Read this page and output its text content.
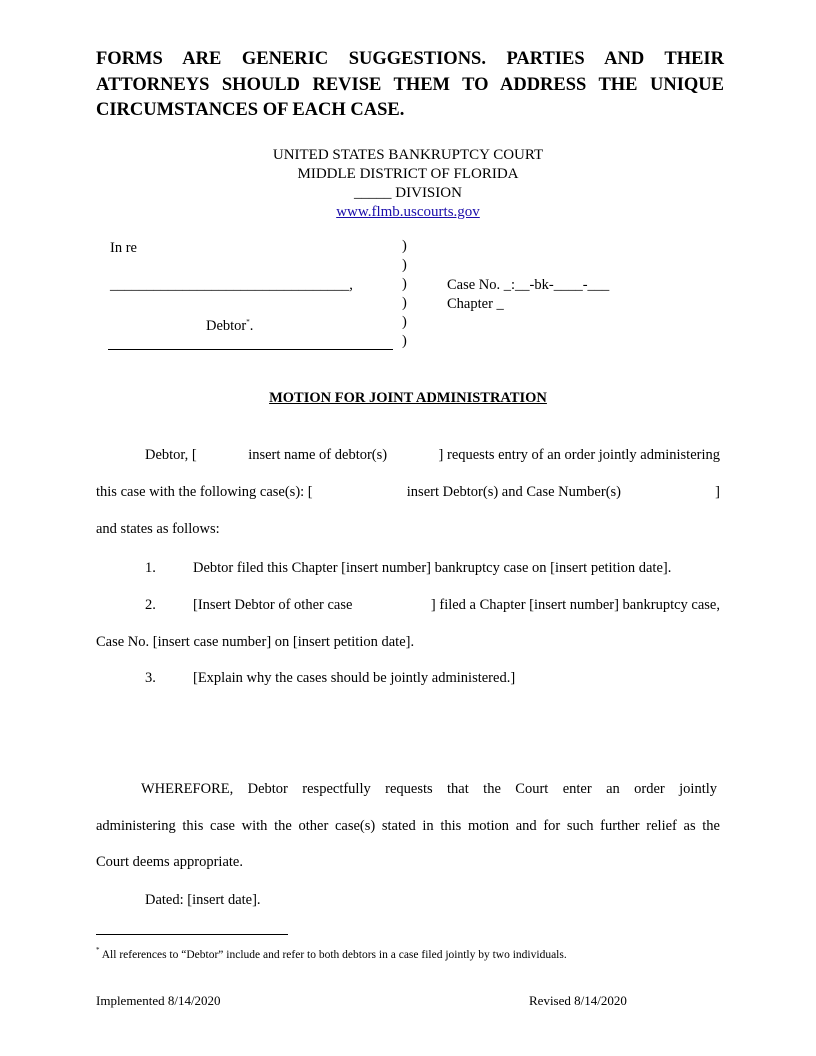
FORMS ARE GENERIC SUGGESTIONS. PARTIES AND THEIR ATTORNEYS SHOULD REVISE THEM TO ADDRESS THE UNIQUE CIRCUMSTANCES OF EACH CASE.
UNITED STATES BANKRUPTCY COURT
MIDDLE DISTRICT OF FLORIDA
_____ DIVISION
www.flmb.uscourts.gov
In re
_________________________________,
Debtor*.
)
)
)
)
)
)
Case No. _:__-bk-____-___
Chapter _
MOTION FOR JOINT ADMINISTRATION
Debtor, [	insert name of debtor(s)	] requests entry of an order jointly administering
this case with the following case(s): [	insert Debtor(s) and Case Number(s)	]
and states as follows:
1.	Debtor filed this Chapter [insert number] bankruptcy case on [insert petition date].
2.	[Insert Debtor of other case	] filed a Chapter [insert number] bankruptcy case,
Case No. [insert case number] on [insert petition date].
3.	[Explain why the cases should be jointly administered.]
WHEREFORE, Debtor respectfully requests that the Court enter an order jointly
administering this case with the other case(s) stated in this motion and for such further relief as the
Court deems appropriate.
Dated: [insert date].
* All references to “Debtor” include and refer to both debtors in a case filed jointly by two individuals.
Implemented 8/14/2020	Revised 8/14/2020
